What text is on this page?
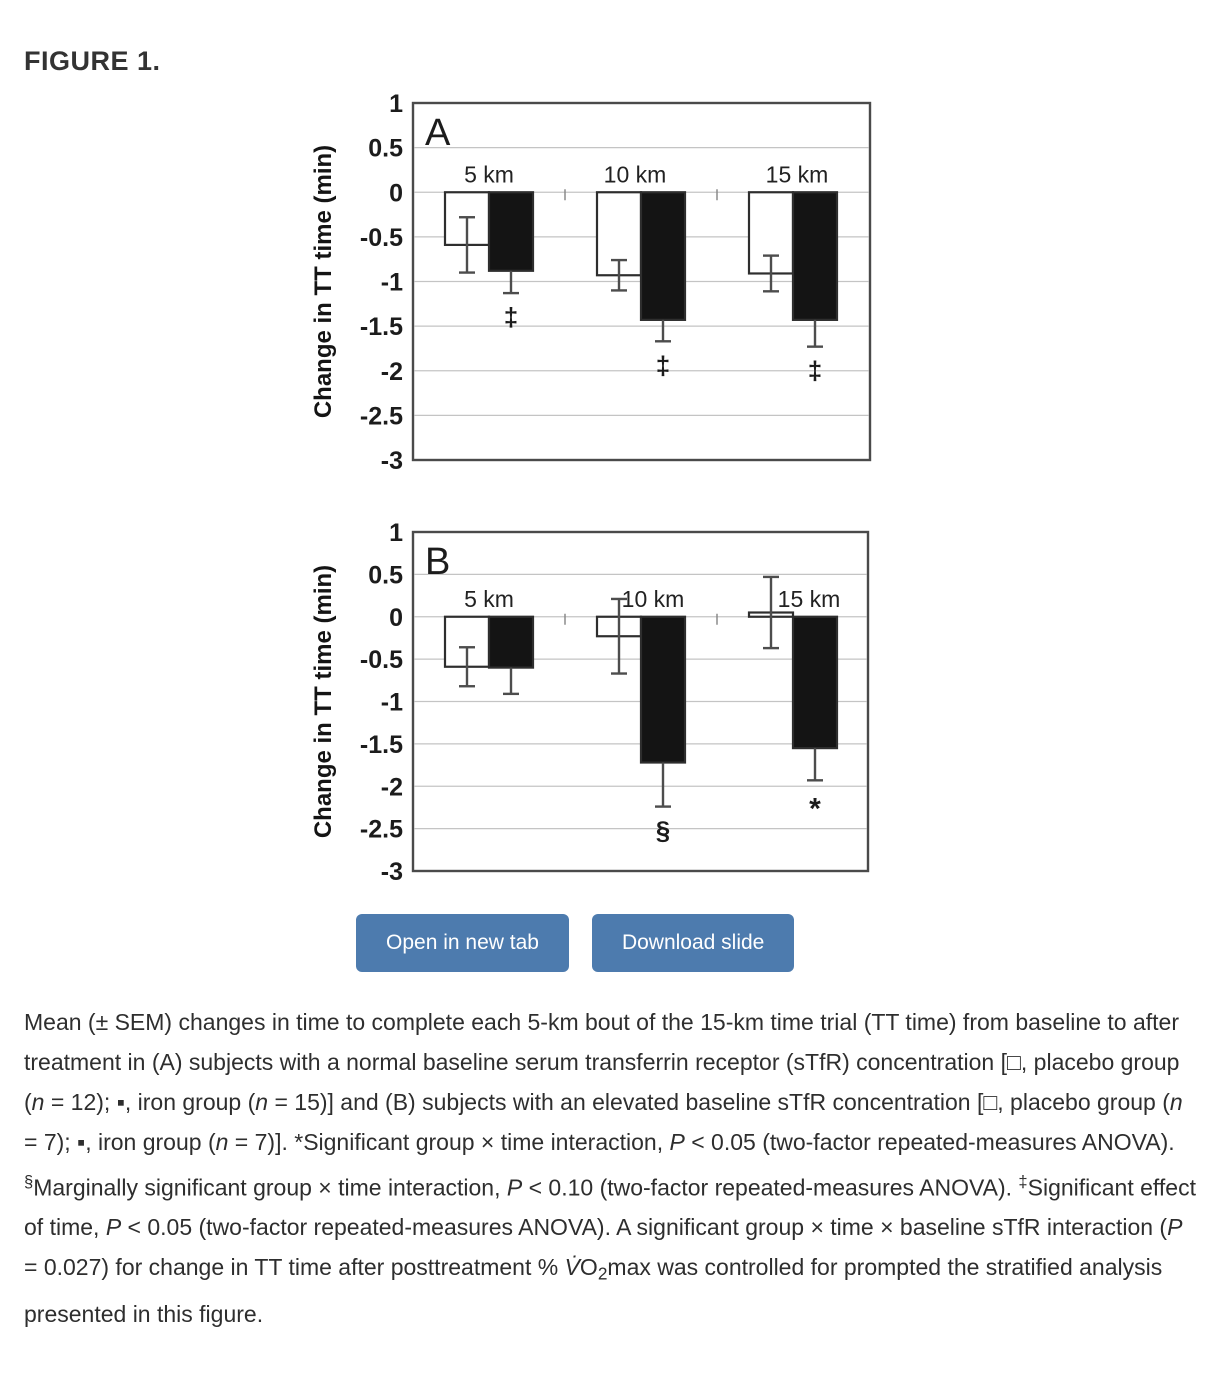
FIGURE 1.
1
0.5
0
-0.5
-1
-1.5
-2
-2.5
-3
Change in TT time (min)
A
5 km	10 km	15 km
‡
‡	‡
1
0.5
0
-0.5
-1
-1.5
-2
-2.5
-3
Change in TT time (min)
B
5 km	10 km	15 km
§
*
Open in new tab	Download slide

Mean (± SEM) changes in time to complete each 5-km bout of the 15-km time trial (TT time) from baseline to after treatment in (A) subjects with a normal baseline serum transferrin receptor (sTfR) concentration [□, placebo group (n = 12); ▪, iron group (n = 15)] and (B) subjects with an elevated baseline sTfR concentration [□, placebo group (n = 7); ▪, iron group (n = 7)]. *Significant group × time interaction, P < 0.05 (two-factor repeated-measures ANOVA). §Marginally significant group × time interaction, P < 0.10 (two-factor repeated-measures ANOVA). ‡Significant effect of time, P < 0.05 (two-factor repeated-measures ANOVA). A significant group × time × baseline sTfR interaction (P = 0.027) for change in TT time after posttreatment % V̇O2max was controlled for prompted the stratified analysis presented in this figure.
